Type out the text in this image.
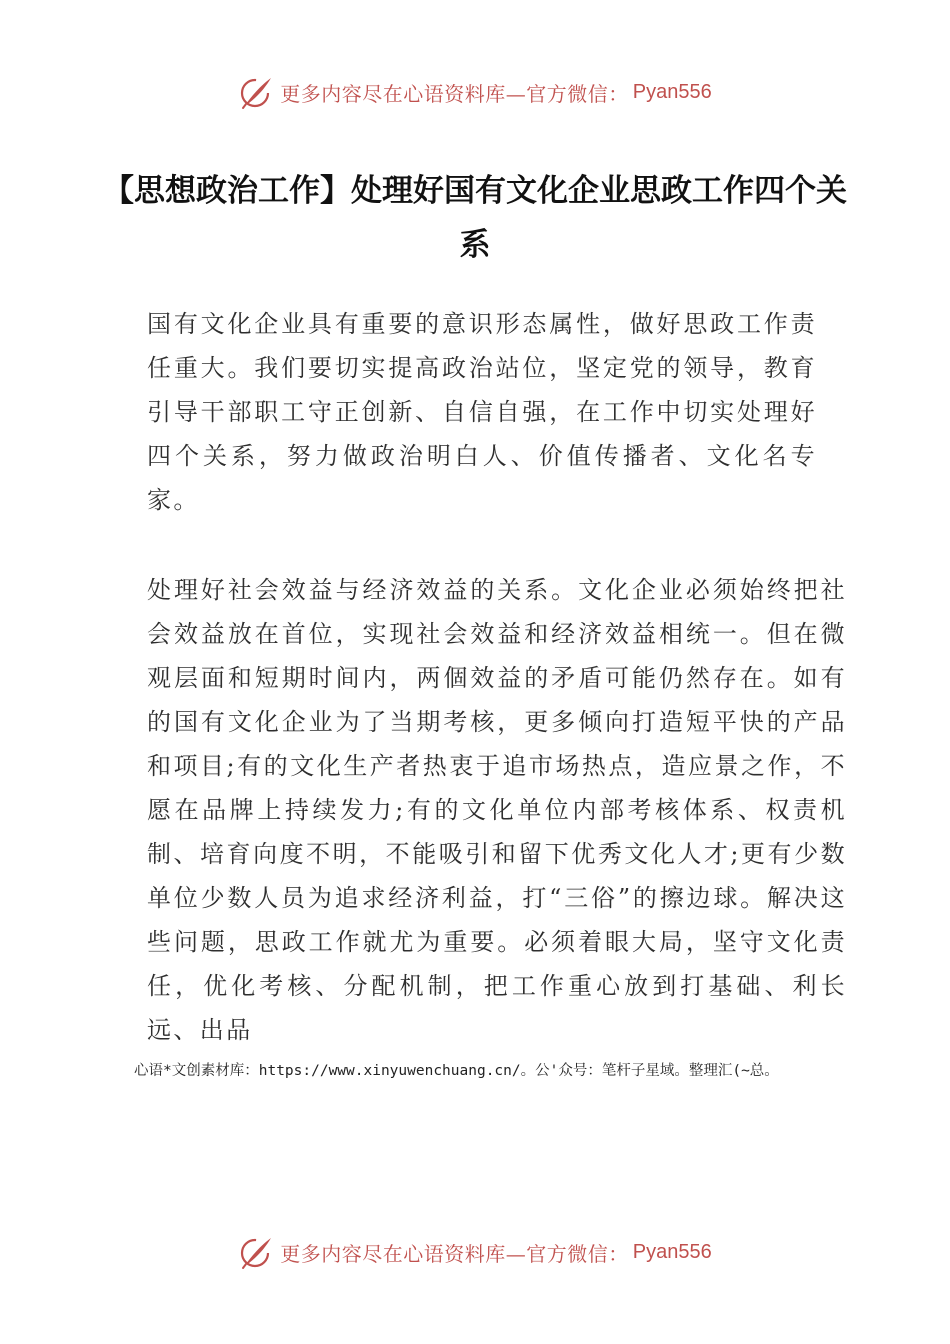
更多内容尽在心语资料库—官方微信： Pyan556
【思想政治工作】处理好国有文化企业思政工作四个关系

国有文化企业具有重要的意识形态属性，做好思政工作责任重大。我们要切实提高政治站位，坚定党的领导，教育引导干部职工守正创新、自信自强，在工作中切实处理好四个关系，努力做政治明白人、价值传播者、文化名专家。

处理好社会效益与经济效益的关系。文化企业必须始终把社会效益放在首位，实现社会效益和经济效益相统一。但在微观层面和短期时间内，两個效益的矛盾可能仍然存在。如有的国有文化企业为了当期考核，更多倾向打造短平快的产品和项目;有的文化生产者热衷于追市场热点，造应景之作，不愿在品牌上持续发力;有的文化单位内部考核体系、权责机制、培育向度不明，不能吸引和留下优秀文化人才;更有少数单位少数人员为追求经济利益，打“三俗”的擦边球。解决这些问题，思政工作就尤为重要。必须着眼大局，坚守文化责任，优化考核、分配机制，把工作重心放到打基础、利长远、出品

心语*文创素材库：https://www.xinyuwenchuang.cn/。公'众号：笔杆子星域。整理汇(~总。

更多内容尽在心语资料库—官方微信： Pyan556
